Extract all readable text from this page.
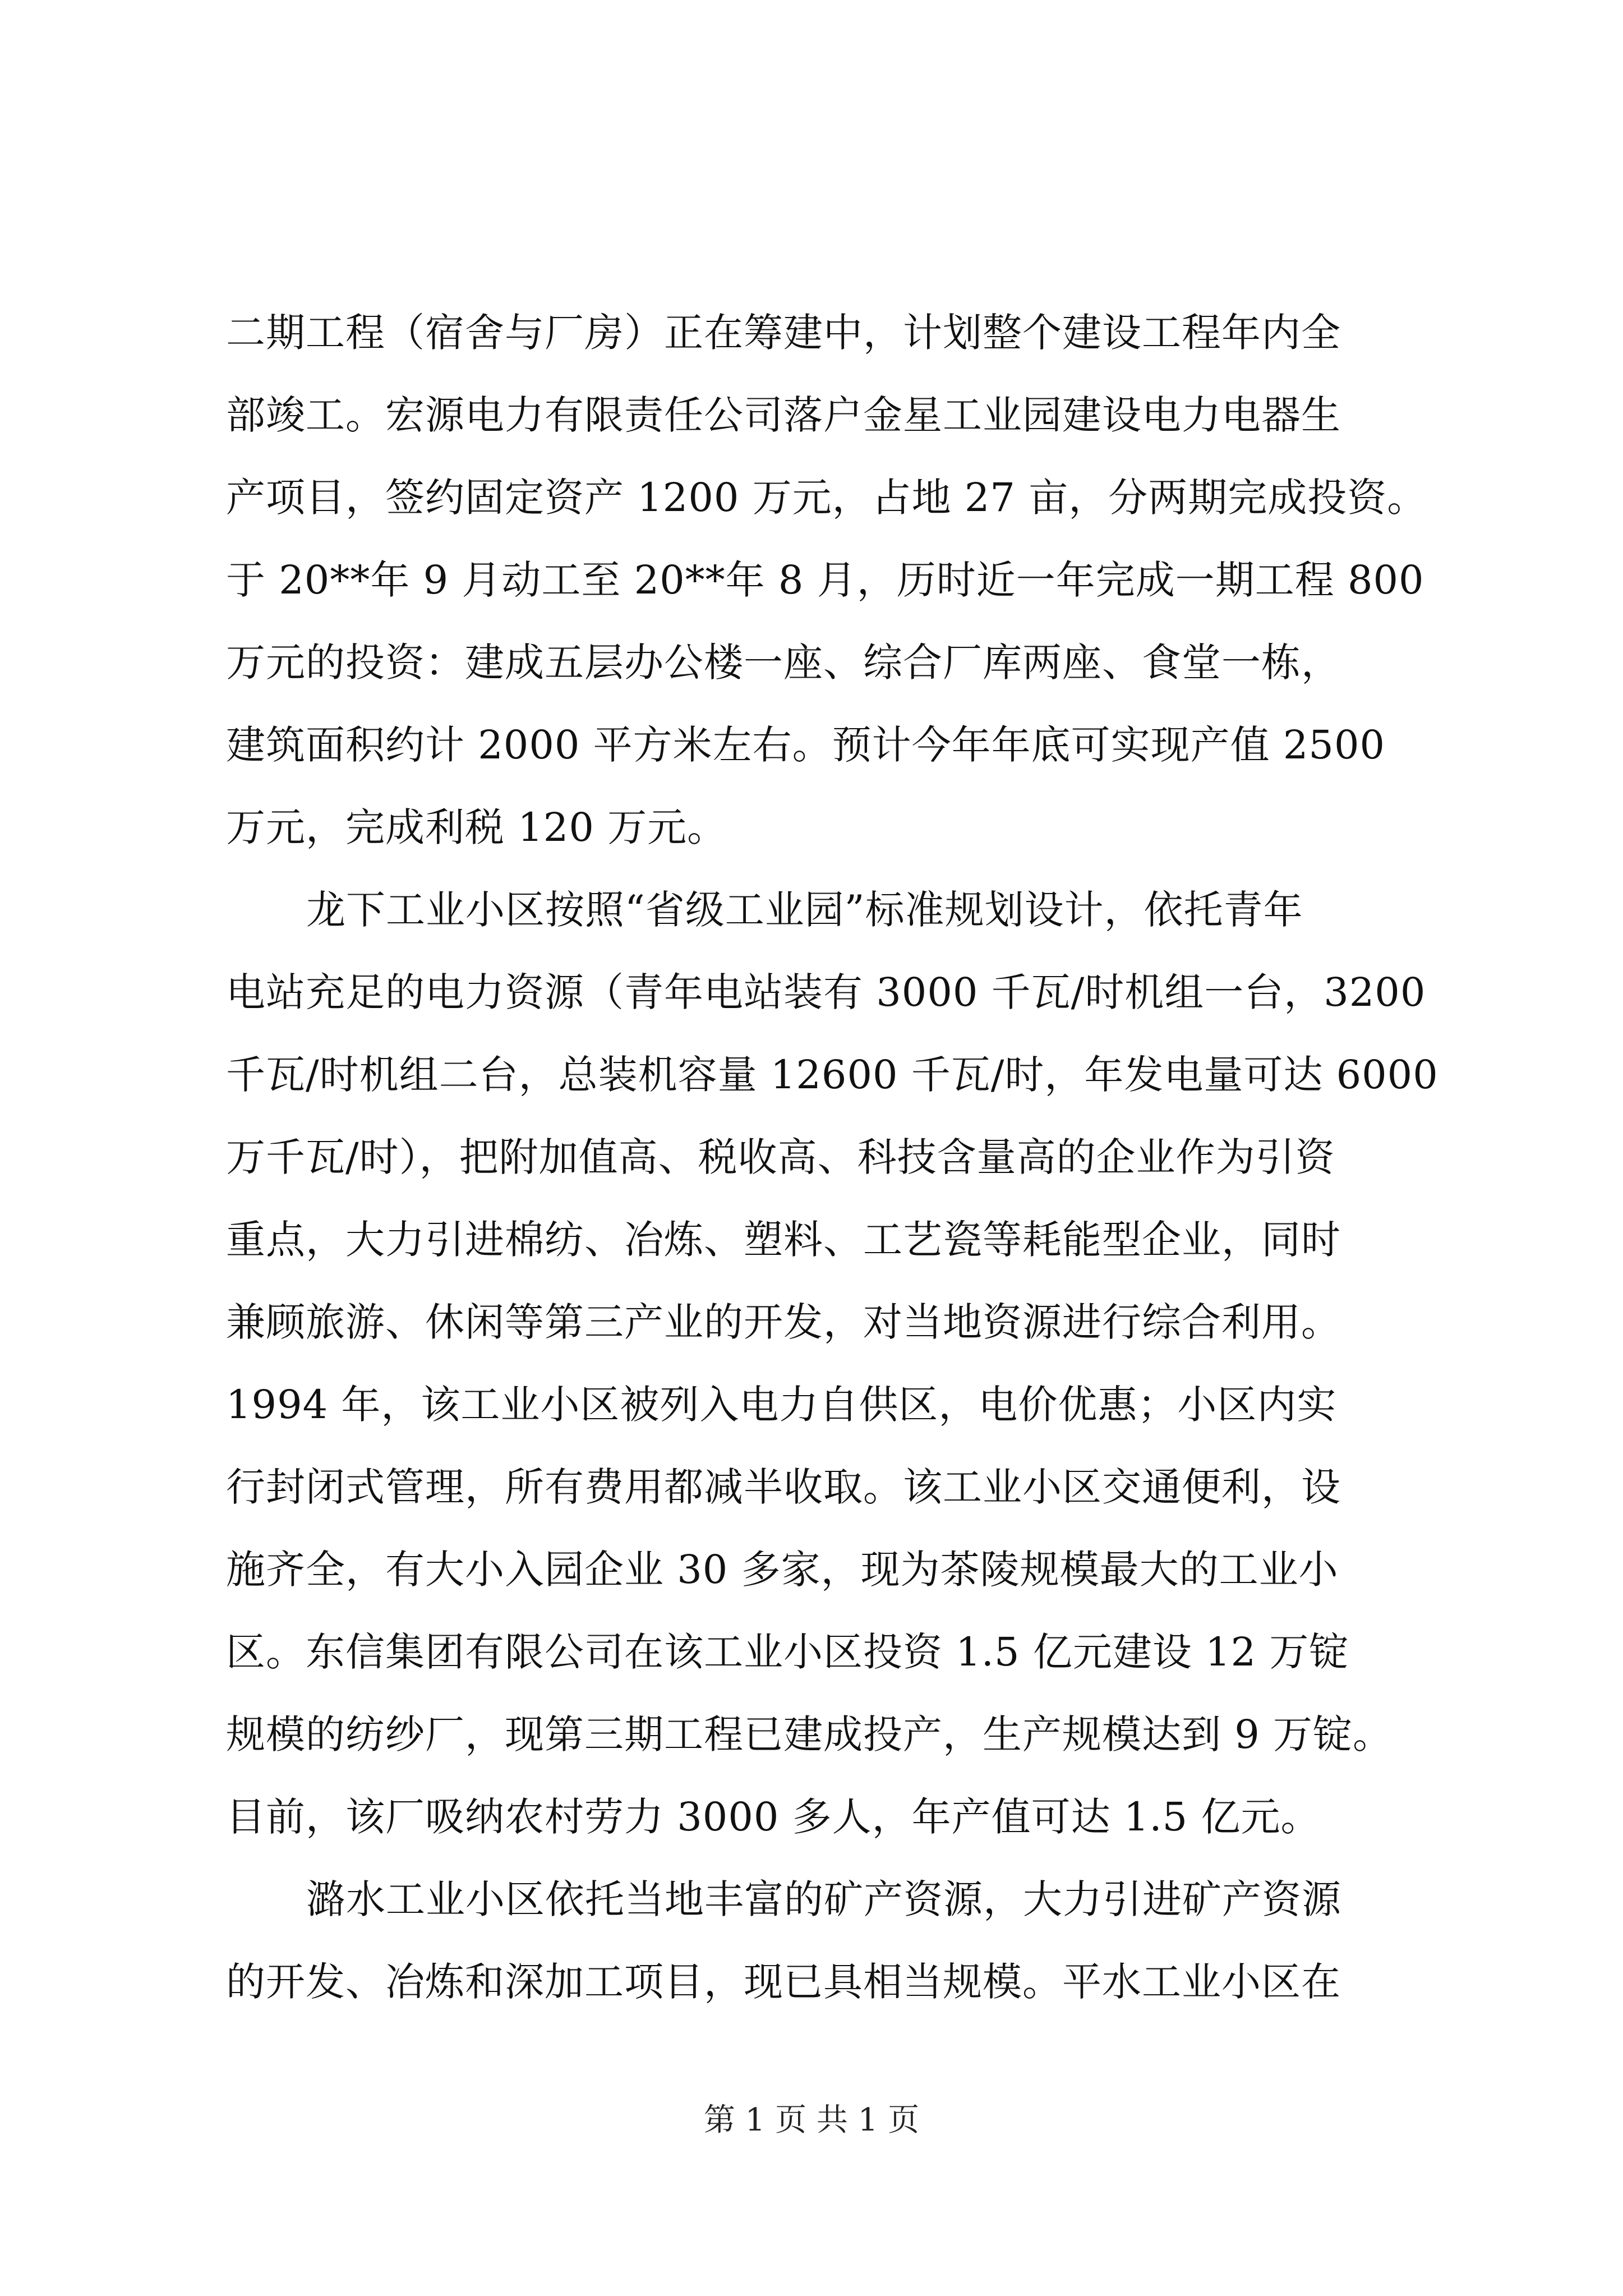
二期工程（宿舍与厂房）正在筹建中，计划整个建设工程年内全
部竣工。宏源电力有限责任公司落户金星工业园建设电力电器生
产项目，签约固定资产 1200 万元，占地 27 亩，分两期完成投资。
于 20**年 9 月动工至 20**年 8 月，历时近一年完成一期工程 800
万元的投资：建成五层办公楼一座、综合厂库两座、食堂一栋，
建筑面积约计 2000 平方米左右。预计今年年底可实现产值 2500
万元，完成利税 120 万元。
龙下工业小区按照“省级工业园”标准规划设计，依托青年
电站充足的电力资源（青年电站装有 3000 千瓦/时机组一台，3200
千瓦/时机组二台，总装机容量 12600 千瓦/时，年发电量可达 6000
万千瓦/时），把附加值高、税收高、科技含量高的企业作为引资
重点，大力引进棉纺、冶炼、塑料、工艺瓷等耗能型企业，同时
兼顾旅游、休闲等第三产业的开发，对当地资源进行综合利用。
1994 年，该工业小区被列入电力自供区，电价优惠；小区内实
行封闭式管理，所有费用都减半收取。该工业小区交通便利，设
施齐全，有大小入园企业 30 多家，现为茶陵规模最大的工业小
区。东信集团有限公司在该工业小区投资 1.5 亿元建设 12 万锭
规模的纺纱厂，现第三期工程已建成投产，生产规模达到 9 万锭。
目前，该厂吸纳农村劳力 3000 多人，年产值可达 1.5 亿元。
潞水工业小区依托当地丰富的矿产资源，大力引进矿产资源
的开发、冶炼和深加工项目，现已具相当规模。平水工业小区在
第 1 页 共 1 页
